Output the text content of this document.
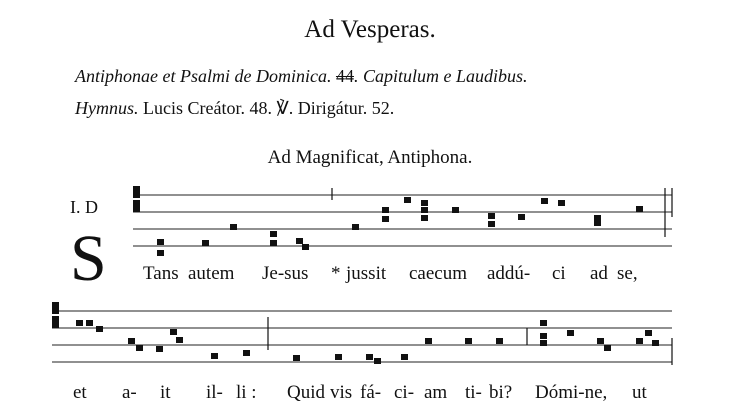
Ad Vesperas.
Antiphonae et Psalmi de Dominica. 44. Capitulum e Laudibus.
Hymnus. Lucis Creátor. 48. ℣. Dirigátur. 52.
Ad Magnificat, Antiphona.
I. D
S Tans autem Je-sus * jussit caecum addú- ci ad se,
et a- it il- li : Quid vis fá- ci- am ti- bi? Dómi-ne, ut
